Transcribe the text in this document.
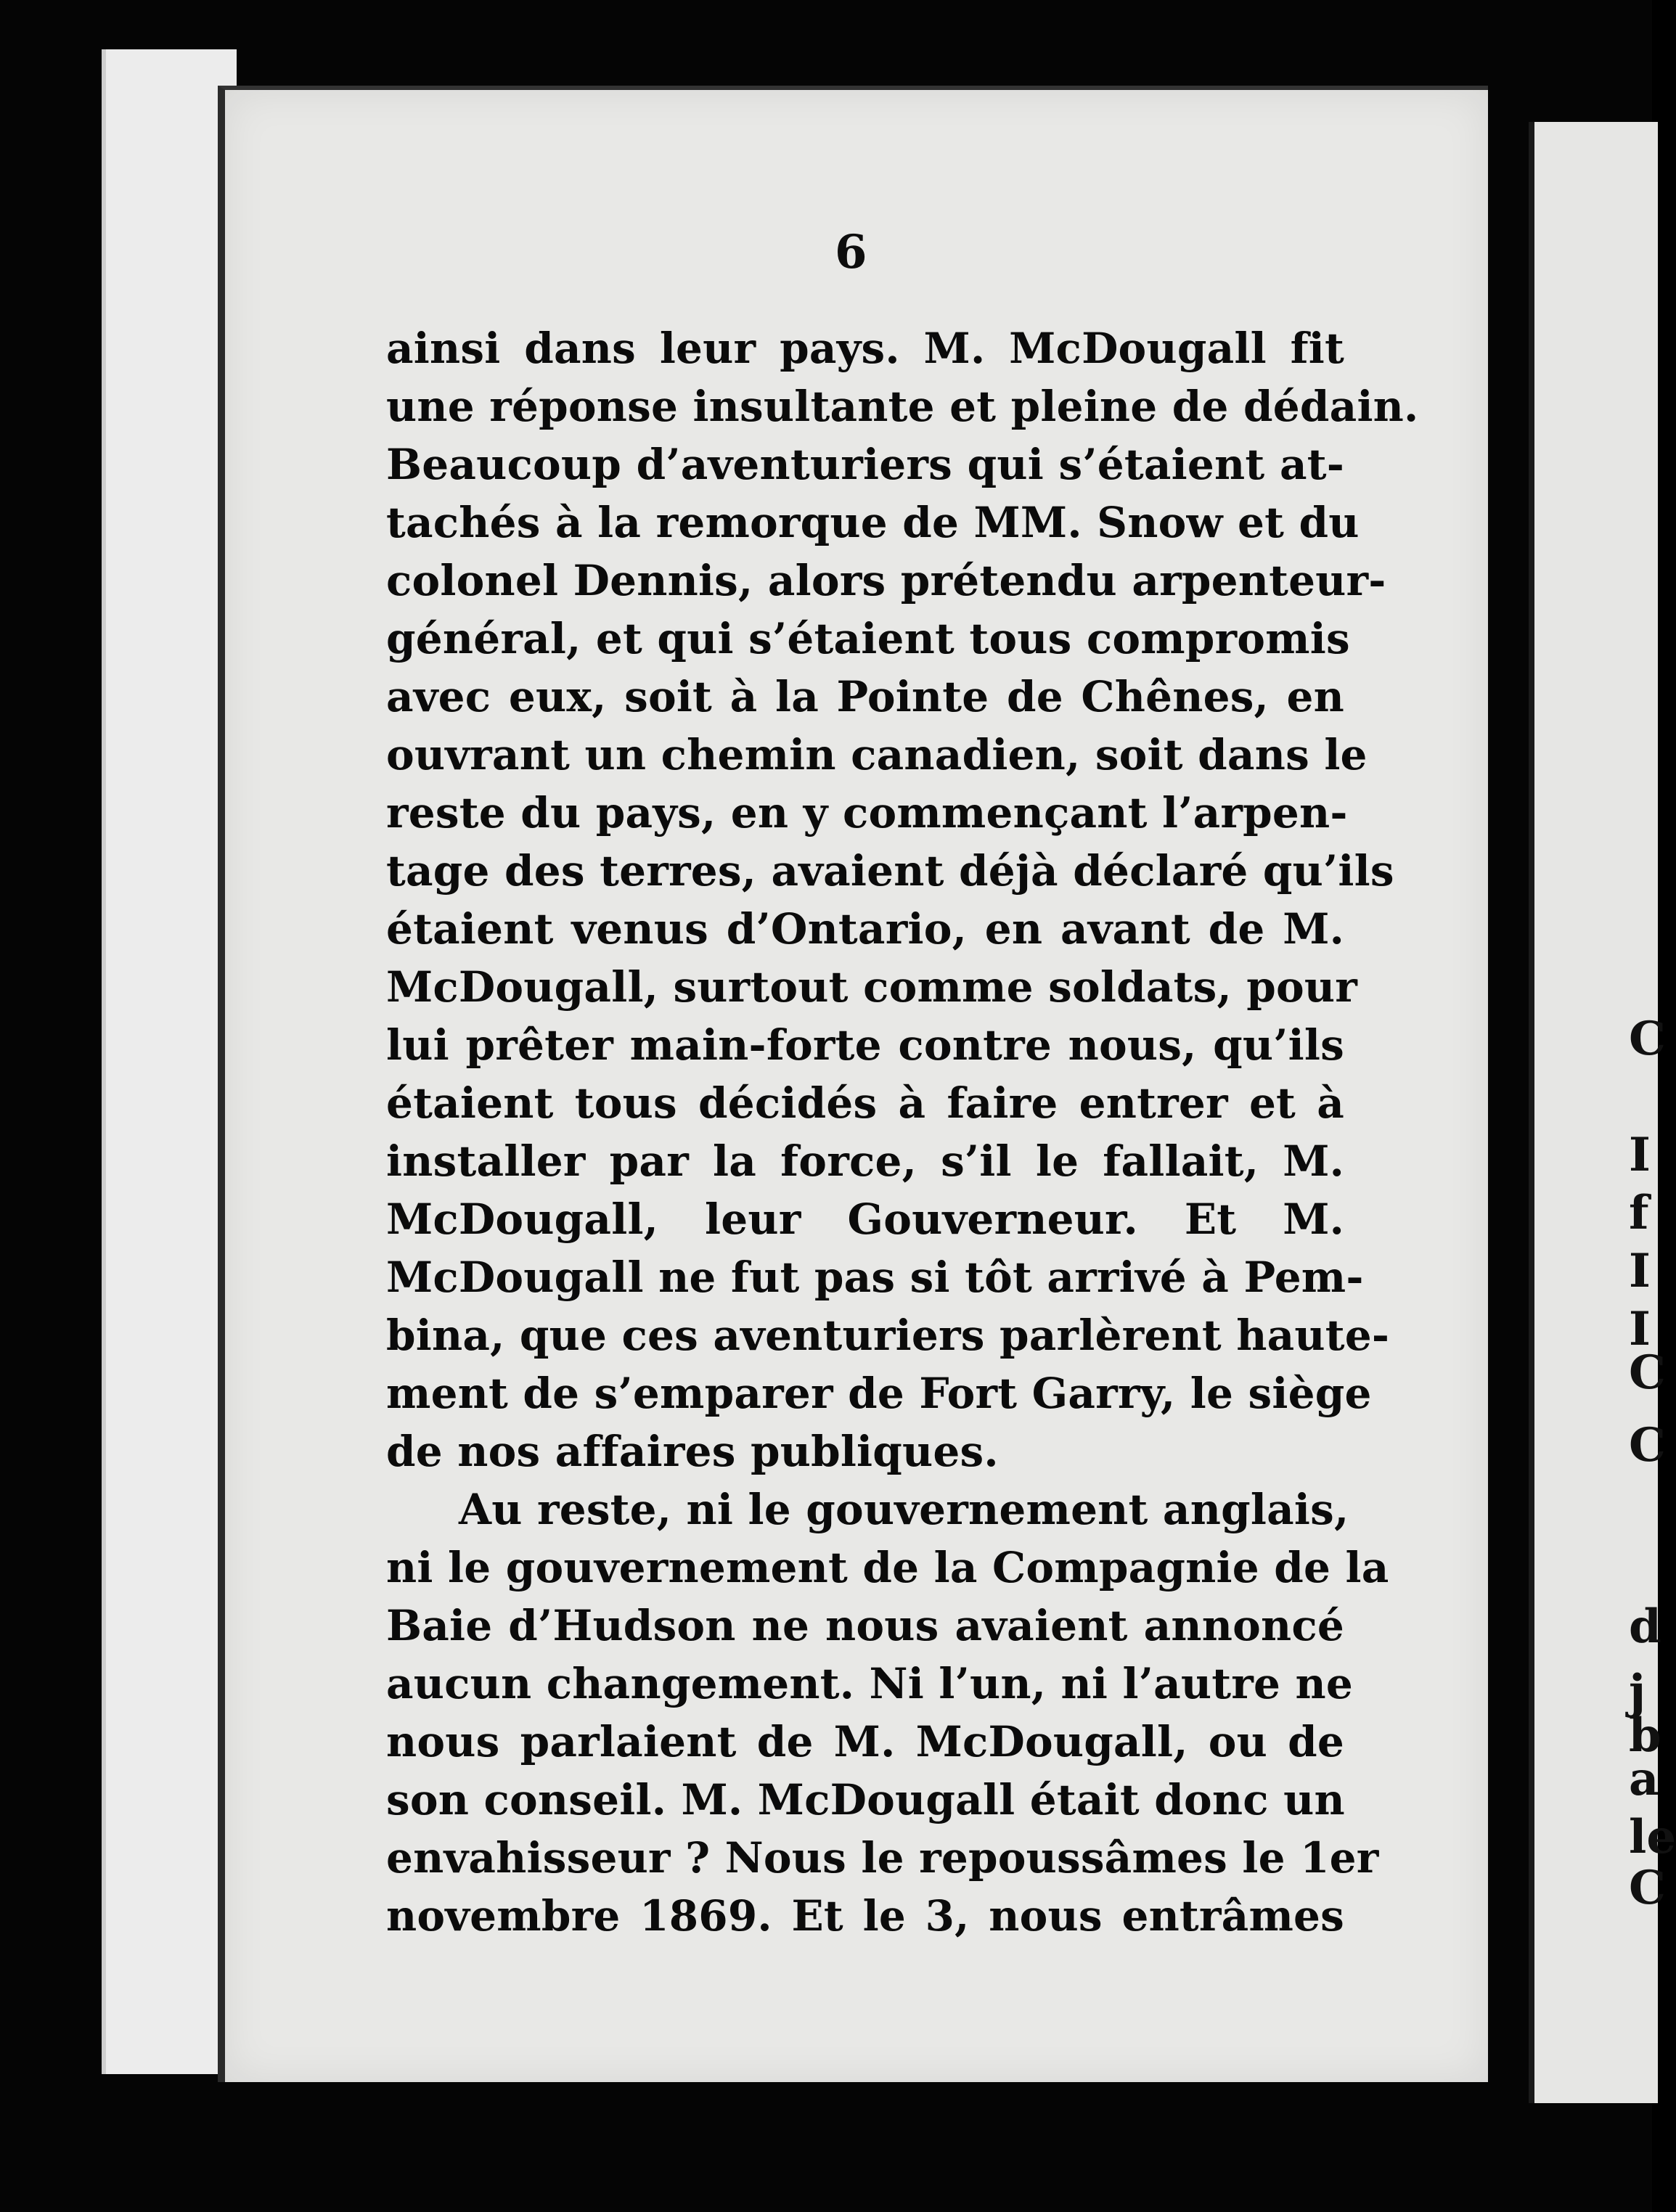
C
I
f
I
I
C
C
d
j
b
a
le
C
6
ainsi dans leur pays. M. McDougall fit
une réponse insultante et pleine de dédain.
Beaucoup d’aventuriers qui s’étaient at-
tachés à la remorque de MM. Snow et du
colonel Dennis, alors prétendu arpenteur-
général, et qui s’étaient tous compromis
avec eux, soit à la Pointe de Chênes, en
ouvrant un chemin canadien, soit dans le
reste du pays, en y commençant l’arpen-
tage des terres, avaient déjà déclaré qu’ils
étaient venus d’Ontario, en avant de M.
McDougall, surtout comme soldats, pour
lui prêter main-forte contre nous, qu’ils
étaient tous décidés à faire entrer et à
installer par la force, s’il le fallait, M.
McDougall, leur Gouverneur. Et M.
McDougall ne fut pas si tôt arrivé à Pem-
bina, que ces aventuriers parlèrent haute-
ment de s’emparer de Fort Garry, le siège
de nos affaires publiques.
Au reste, ni le gouvernement anglais,
ni le gouvernement de la Compagnie de la
Baie d’Hudson ne nous avaient annoncé
aucun changement. Ni l’un, ni l’autre ne
nous parlaient de M. McDougall, ou de
son conseil. M. McDougall était donc un
envahisseur ? Nous le repoussâmes le 1er
novembre 1869. Et le 3, nous entrâmes
